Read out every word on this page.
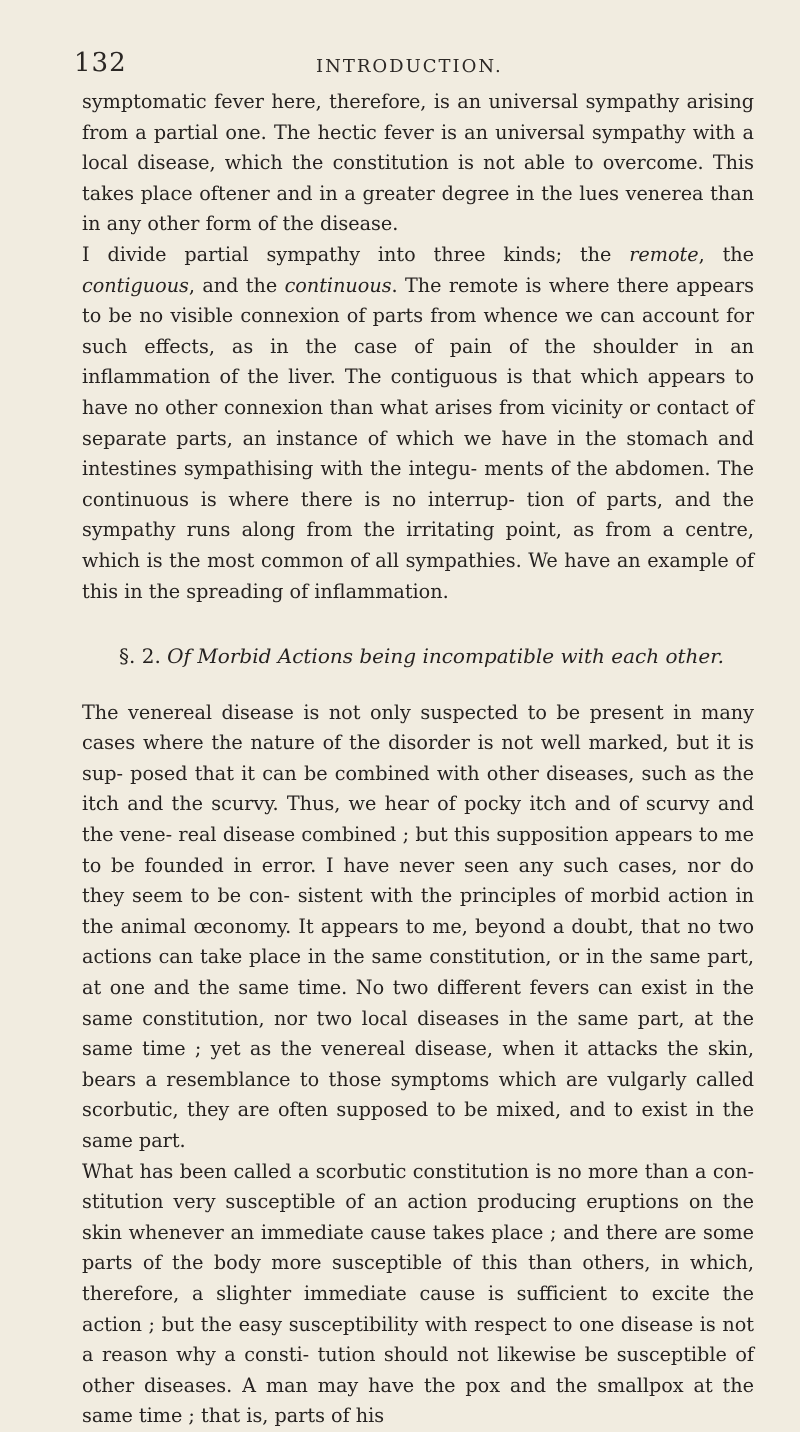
132	INTRODUCTION.

symptomatic fever here, therefore, is an universal sympathy arising from a partial one. The hectic fever is an universal sympathy with a local disease, which the constitution is not able to overcome. This takes place oftener and in a greater degree in the lues venerea than in any other form of the disease.

I divide partial sympathy into three kinds; the remote, the contiguous, and the continuous. The remote is where there appears to be no visible connexion of parts from whence we can account for such effects, as in the case of pain of the shoulder in an inflammation of the liver. The contiguous is that which appears to have no other connexion than what arises from vicinity or contact of separate parts, an instance of which we have in the stomach and intestines sympathising with the integu- ments of the abdomen. The continuous is where there is no interrup- tion of parts, and the sympathy runs along from the irritating point, as from a centre, which is the most common of all sympathies. We have an example of this in the spreading of inflammation.

§. 2. Of Morbid Actions being incompatible with each other.

The venereal disease is not only suspected to be present in many cases where the nature of the disorder is not well marked, but it is sup- posed that it can be combined with other diseases, such as the itch and the scurvy. Thus, we hear of pocky itch and of scurvy and the vene- real disease combined ; but this supposition appears to me to be founded in error. I have never seen any such cases, nor do they seem to be con- sistent with the principles of morbid action in the animal œconomy. It appears to me, beyond a doubt, that no two actions can take place in the same constitution, or in the same part, at one and the same time. No two different fevers can exist in the same constitution, nor two local diseases in the same part, at the same time ; yet as the venereal disease, when it attacks the skin, bears a resemblance to those symptoms which are vulgarly called scorbutic, they are often supposed to be mixed, and to exist in the same part.

What has been called a scorbutic constitution is no more than a con- stitution very susceptible of an action producing eruptions on the skin whenever an immediate cause takes place ; and there are some parts of the body more susceptible of this than others, in which, therefore, a slighter immediate cause is sufficient to excite the action ; but the easy susceptibility with respect to one disease is not a reason why a consti- tution should not likewise be susceptible of other diseases. A man may have the pox and the smallpox at the same time ; that is, parts of his
